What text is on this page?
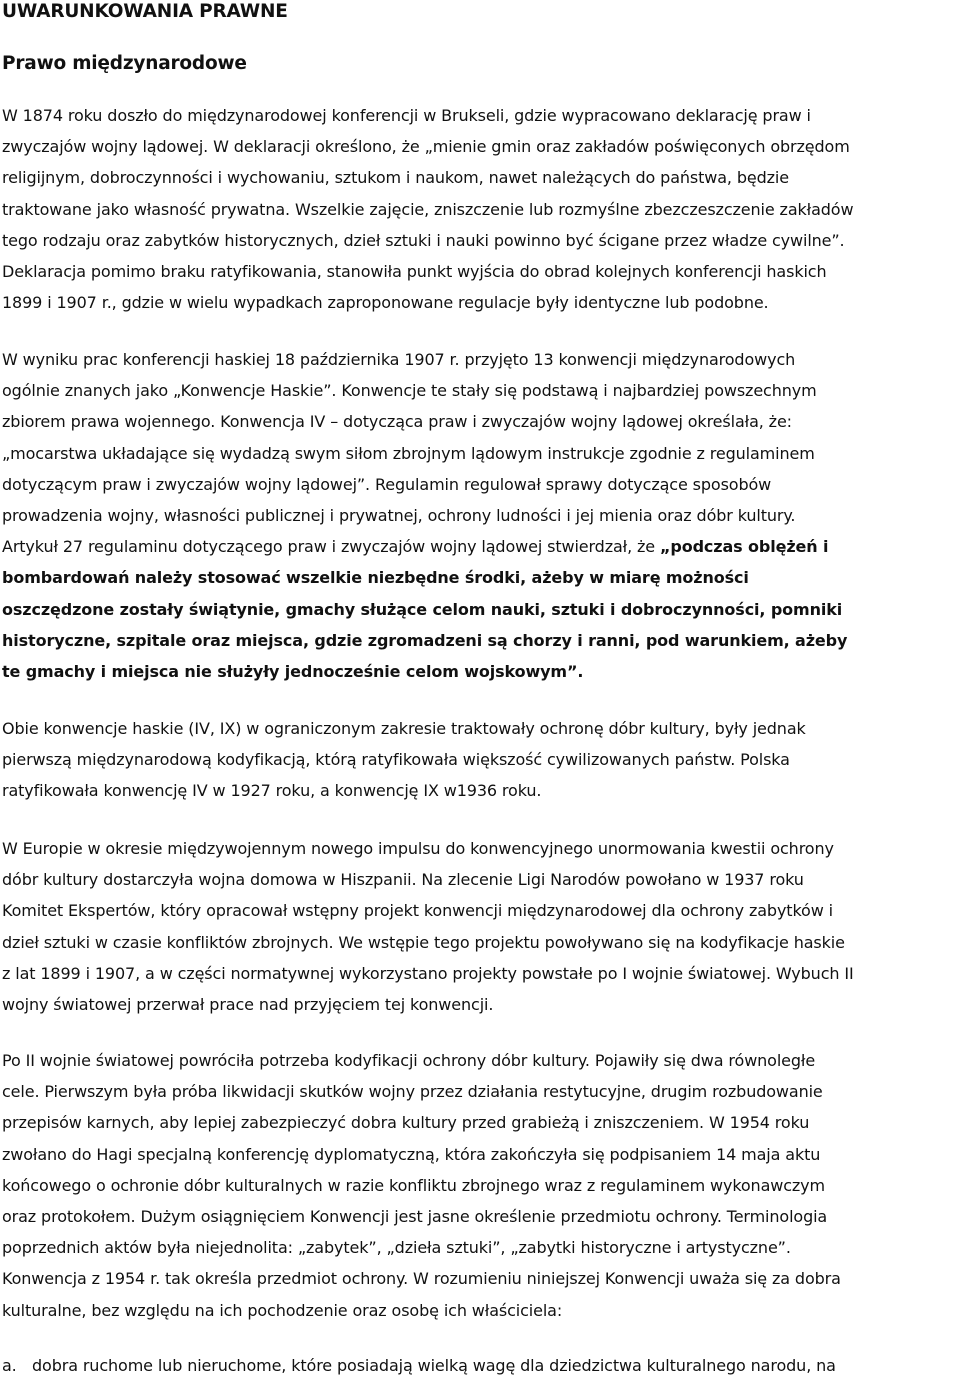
UWARUNKOWANIA PRAWNE
Prawo międzynarodowe

W 1874 roku doszło do międzynarodowej konferencji w Brukseli, gdzie wypracowano deklarację praw i
zwyczajów wojny lądowej. W deklaracji określono, że „mienie gmin oraz zakładów poświęconych obrzędom
religijnym, dobroczynności i wychowaniu, sztukom i naukom, nawet należących do państwa, będzie
traktowane jako własność prywatna. Wszelkie zajęcie, zniszczenie lub rozmyślne zbezczeszczenie zakładów
tego rodzaju oraz zabytków historycznych, dzieł sztuki i nauki powinno być ścigane przez władze cywilne”.
Deklaracja pomimo braku ratyfikowania, stanowiła punkt wyjścia do obrad kolejnych konferencji haskich
1899 i 1907 r., gdzie w wielu wypadkach zaproponowane regulacje były identyczne lub podobne.

W wyniku prac konferencji haskiej 18 października 1907 r. przyjęto 13 konwencji międzynarodowych
ogólnie znanych jako „Konwencje Haskie”. Konwencje te stały się podstawą i najbardziej powszechnym
zbiorem prawa wojennego. Konwencja IV – dotycząca praw i zwyczajów wojny lądowej określała, że:
„mocarstwa układające się wydadzą swym siłom zbrojnym lądowym instrukcje zgodnie z regulaminem
dotyczącym praw i zwyczajów wojny lądowej”. Regulamin regulował sprawy dotyczące sposobów
prowadzenia wojny, własności publicznej i prywatnej, ochrony ludności i jej mienia oraz dóbr kultury.
Artykuł 27 regulaminu dotyczącego praw i zwyczajów wojny lądowej stwierdzał, że „podczas oblężeń i
bombardowań należy stosować wszelkie niezbędne środki, ażeby w miarę możności
oszczędzone zostały świątynie, gmachy służące celom nauki, sztuki i dobroczynności, pomniki
historyczne, szpitale oraz miejsca, gdzie zgromadzeni są chorzy i ranni, pod warunkiem, ażeby
te gmachy i miejsca nie służyły jednocześnie celom wojskowym”.

Obie konwencje haskie (IV, IX) w ograniczonym zakresie traktowały ochronę dóbr kultury, były jednak
pierwszą międzynarodową kodyfikacją, którą ratyfikowała większość cywilizowanych państw. Polska
ratyfikowała konwencję IV w 1927 roku, a konwencję IX w1936 roku.

W Europie w okresie międzywojennym nowego impulsu do konwencyjnego unormowania kwestii ochrony
dóbr kultury dostarczyła wojna domowa w Hiszpanii. Na zlecenie Ligi Narodów powołano w 1937 roku
Komitet Ekspertów, który opracował wstępny projekt konwencji międzynarodowej dla ochrony zabytków i
dzieł sztuki w czasie konfliktów zbrojnych. We wstępie tego projektu powoływano się na kodyfikacje haskie
z lat 1899 i 1907, a w części normatywnej wykorzystano projekty powstałe po I wojnie światowej. Wybuch II
wojny światowej przerwał prace nad przyjęciem tej konwencji.

Po II wojnie światowej powróciła potrzeba kodyfikacji ochrony dóbr kultury. Pojawiły się dwa równoległe
cele. Pierwszym była próba likwidacji skutków wojny przez działania restytucyjne, drugim rozbudowanie
przepisów karnych, aby lepiej zabezpieczyć dobra kultury przed grabieżą i zniszczeniem. W 1954 roku
zwołano do Hagi specjalną konferencję dyplomatyczną, która zakończyła się podpisaniem 14 maja aktu
końcowego o ochronie dóbr kulturalnych w razie konfliktu zbrojnego wraz z regulaminem wykonawczym
oraz protokołem. Dużym osiągnięciem Konwencji jest jasne określenie przedmiotu ochrony. Terminologia
poprzednich aktów była niejednolita: „zabytek”, „dzieła sztuki”, „zabytki historyczne i artystyczne”.
Konwencja z 1954 r. tak określa przedmiot ochrony. W rozumieniu niniejszej Konwencji uważa się za dobra
kulturalne, bez względu na ich pochodzenie oraz osobę ich właściciela:

a. dobra ruchome lub nieruchome, które posiadają wielką wagę dla dziedzictwa kulturalnego narodu, na
